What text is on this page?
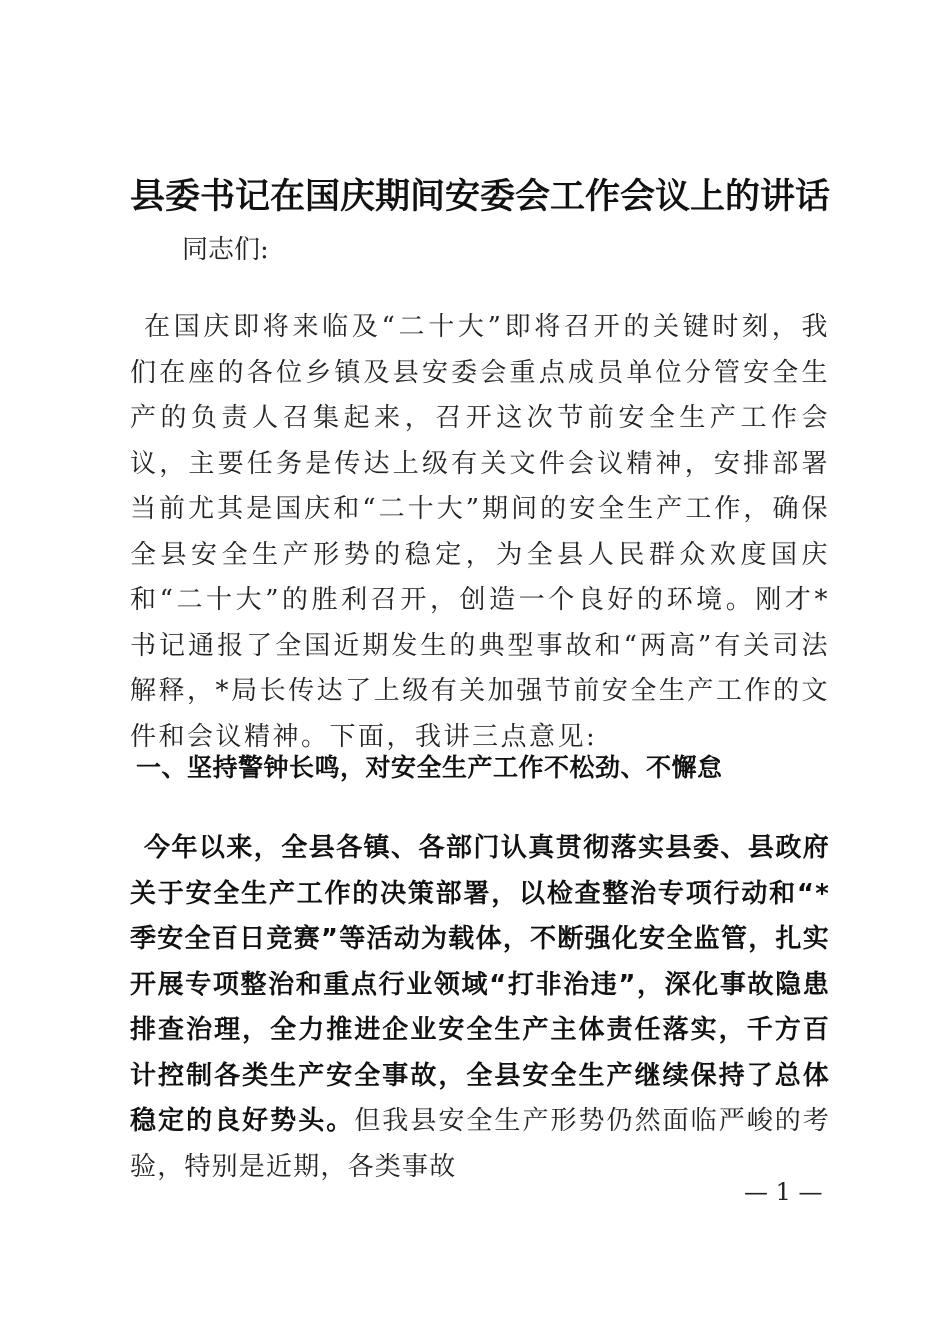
县委书记在国庆期间安委会工作会议上的讲话
同志们:

在国庆即将来临及“二十大”即将召开的关键时刻，我们在座的各位乡镇及县安委会重点成员单位分管安全生产的负责人召集起来，召开这次节前安全生产工作会议，主要任务是传达上级有关文件会议精神，安排部署当前尤其是国庆和“二十大”期间的安全生产工作，确保全县安全生产形势的稳定，为全县人民群众欢度国庆和“二十大”的胜利召开，创造一个良好的环境。刚才*书记通报了全国近期发生的典型事故和“两高”有关司法解释，*局长传达了上级有关加强节前安全生产工作的文件和会议精神。下面，我讲三点意见:

一、坚持警钟长鸣，对安全生产工作不松劲、不懈怠

今年以来，全县各镇、各部门认真贯彻落实县委、县政府关于安全生产工作的决策部署，以检查整治专项行动和“*季安全百日竞赛”等活动为载体，不断强化安全监管，扎实开展专项整治和重点行业领域“打非治违”，深化事故隐患排查治理，全力推进企业安全生产主体责任落实，千方百计控制各类生产安全事故，全县安全生产继续保持了总体稳定的良好势头。但我县安全生产形势仍然面临严峻的考验，特别是近期，各类事故

— 1 —
